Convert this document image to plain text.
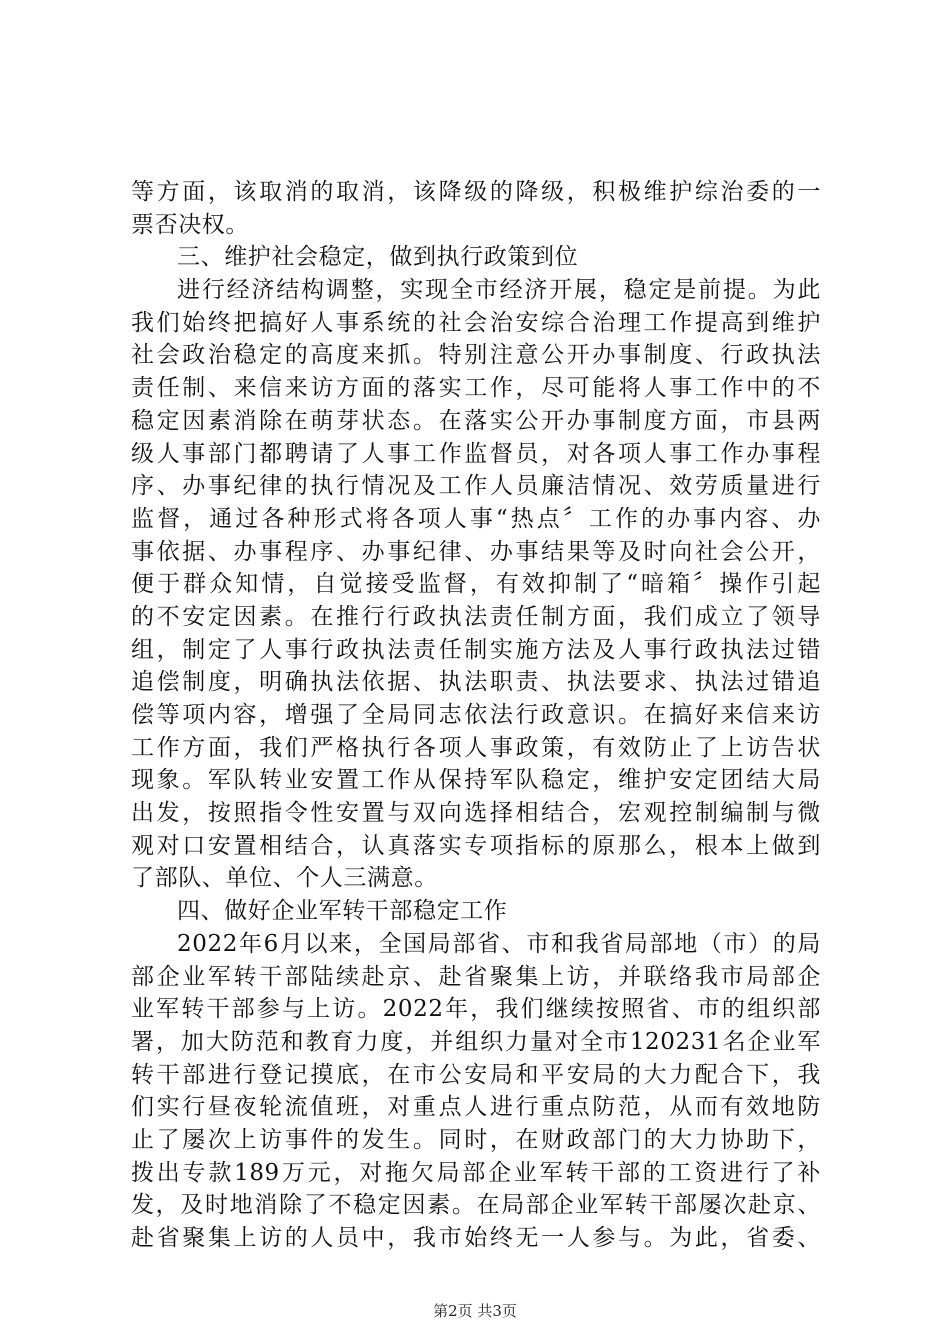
等方面，该取消的取消，该降级的降级，积极维护综治委的一
票否决权。
三、维护社会稳定，做到执行政策到位
进行经济结构调整，实现全市经济开展，稳定是前提。为此
我们始终把搞好人事系统的社会治安综合治理工作提高到维护
社会政治稳定的高度来抓。特别注意公开办事制度、行政执法
责任制、来信来访方面的落实工作，尽可能将人事工作中的不
稳定因素消除在萌芽状态。在落实公开办事制度方面，市县两
级人事部门都聘请了人事工作监督员，对各项人事工作办事程
序、办事纪律的执行情况及工作人员廉洁情况、效劳质量进行
监督，通过各种形式将各项人事“热点〞工作的办事内容、办
事依据、办事程序、办事纪律、办事结果等及时向社会公开，
便于群众知情，自觉接受监督，有效抑制了“暗箱〞操作引起
的不安定因素。在推行行政执法责任制方面，我们成立了领导
组，制定了人事行政执法责任制实施方法及人事行政执法过错
追偿制度，明确执法依据、执法职责、执法要求、执法过错追
偿等项内容，增强了全局同志依法行政意识。在搞好来信来访
工作方面，我们严格执行各项人事政策，有效防止了上访告状
现象。军队转业安置工作从保持军队稳定，维护安定团结大局
出发，按照指令性安置与双向选择相结合，宏观控制编制与微
观对口安置相结合，认真落实专项指标的原那么，根本上做到
了部队、单位、个人三满意。
四、做好企业军转干部稳定工作
2022年6月以来，全国局部省、市和我省局部地（市）的局
部企业军转干部陆续赴京、赴省聚集上访，并联络我市局部企
业军转干部参与上访。2022年，我们继续按照省、市的组织部
署，加大防范和教育力度，并组织力量对全市120231名企业军
转干部进行登记摸底，在市公安局和平安局的大力配合下，我
们实行昼夜轮流值班，对重点人进行重点防范，从而有效地防
止了屡次上访事件的发生。同时，在财政部门的大力协助下，
拨出专款189万元，对拖欠局部企业军转干部的工资进行了补
发，及时地消除了不稳定因素。在局部企业军转干部屡次赴京、
赴省聚集上访的人员中，我市始终无一人参与。为此，省委、
第2页 共3页
